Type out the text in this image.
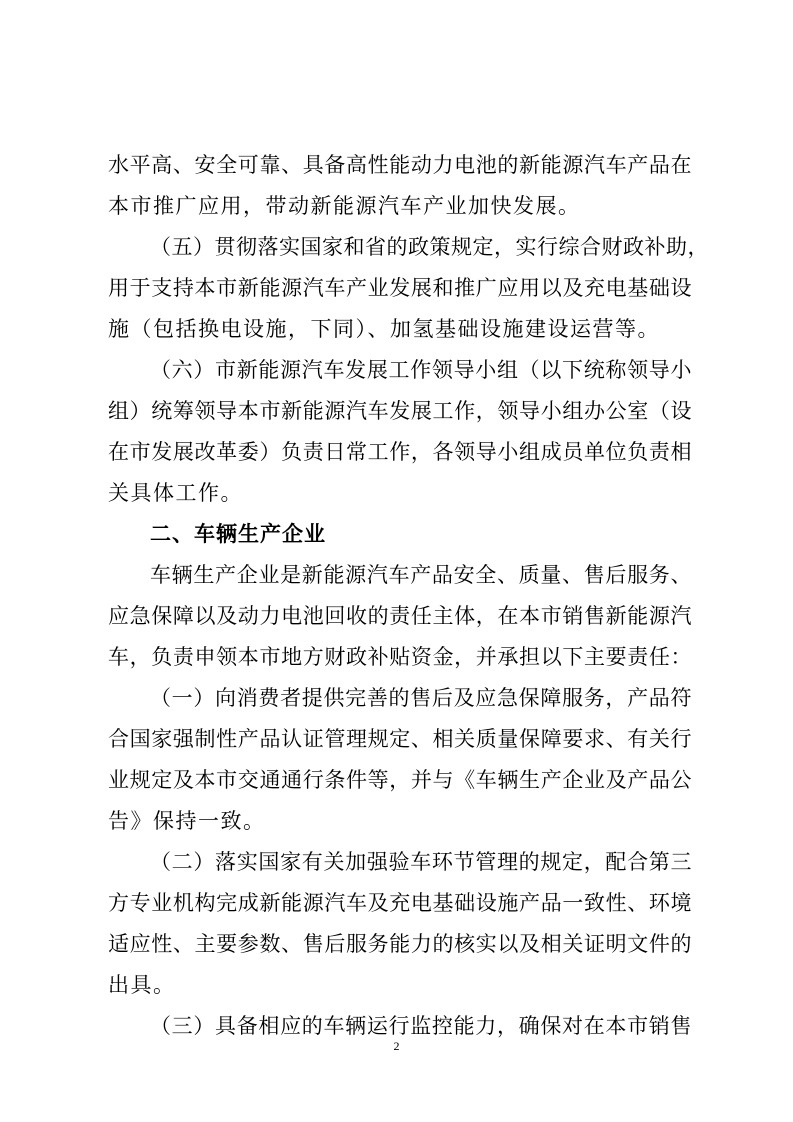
水平高、安全可靠、具备高性能动力电池的新能源汽车产品在
本市推广应用，带动新能源汽车产业加快发展。
（五）贯彻落实国家和省的政策规定，实行综合财政补助，
用于支持本市新能源汽车产业发展和推广应用以及充电基础设
施（包括换电设施，下同）、加氢基础设施建设运营等。
（六）市新能源汽车发展工作领导小组（以下统称领导小
组）统筹领导本市新能源汽车发展工作，领导小组办公室（设
在市发展改革委）负责日常工作，各领导小组成员单位负责相
关具体工作。
二、车辆生产企业
车辆生产企业是新能源汽车产品安全、质量、售后服务、
应急保障以及动力电池回收的责任主体，在本市销售新能源汽
车，负责申领本市地方财政补贴资金，并承担以下主要责任：
（一）向消费者提供完善的售后及应急保障服务，产品符
合国家强制性产品认证管理规定、相关质量保障要求、有关行
业规定及本市交通通行条件等，并与《车辆生产企业及产品公
告》保持一致。
（二）落实国家有关加强验车环节管理的规定，配合第三
方专业机构完成新能源汽车及充电基础设施产品一致性、环境
适应性、主要参数、售后服务能力的核实以及相关证明文件的
出具。
（三）具备相应的车辆运行监控能力，确保对在本市销售
2
